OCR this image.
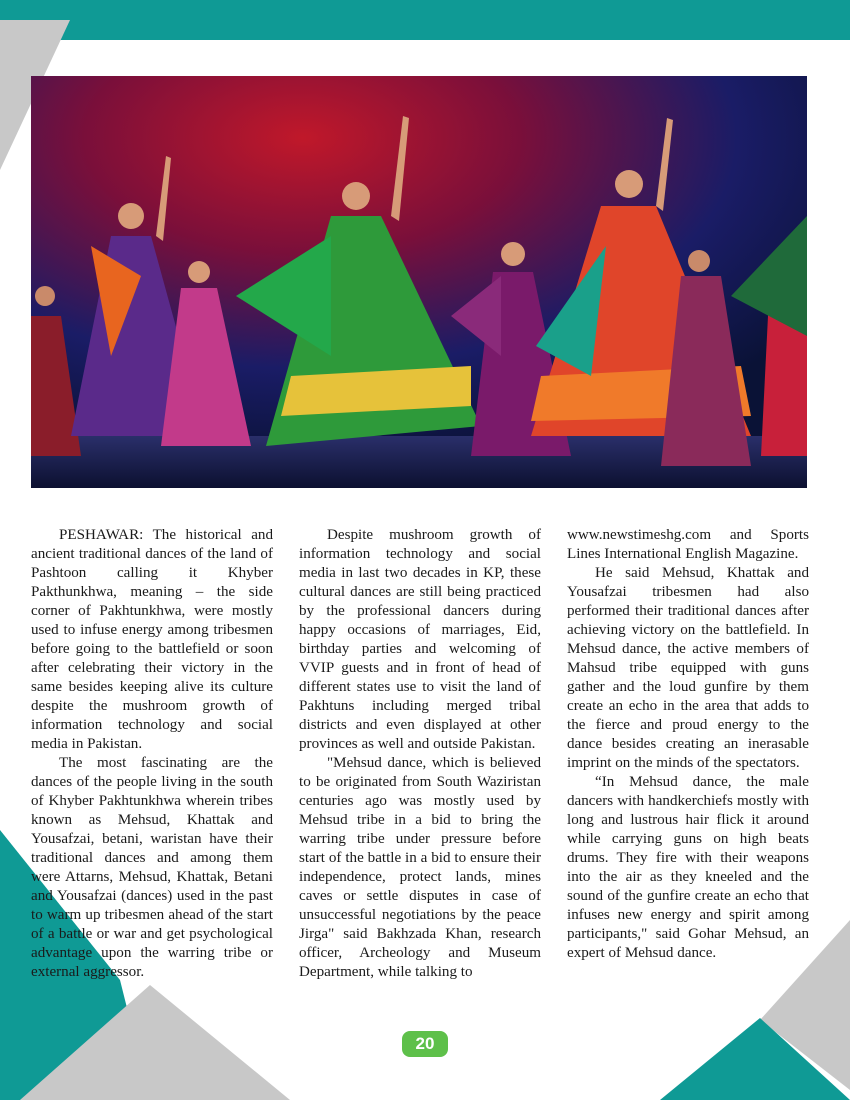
PESHAWAR: The historical and ancient traditional dances of the land of Pashtoon calling it Khyber Pakthunkhwa, meaning – the side corner of Pakhtunkhwa, were mostly used to infuse energy among tribesmen before going to the battlefield or soon after celebrating their victory in the same besides keeping alive its culture despite the mushroom growth of information technology and social media in Pakistan.

The most fascinating are the dances of the people living in the south of Khyber Pakhtunkhwa wherein tribes known as Mehsud, Khattak and Yousafzai, betani, waristan have their traditional dances and among them were Attarns, Mehsud, Khattak, Betani and Yousafzai (dances) used in the past to warm up tribesmen ahead of the start of a battle or war and get psychological advantage upon the warring tribe or external aggressor.

Despite mushroom growth of information technology and social media in last two decades in KP, these cultural dances are still being practiced by the professional dancers during happy occasions of marriages, Eid, birthday parties and welcoming of VVIP guests and in front of head of different states use to visit the land of Pakhtuns including merged tribal districts and even displayed at other provinces as well and outside Pakistan.

"Mehsud dance, which is believed to be originated from South Waziristan centuries ago was mostly used by Mehsud tribe in a bid to bring the warring tribe under pressure before start of the battle in a bid to ensure their independence, protect lands, mines caves or settle disputes in case of unsuccessful negotiations by the peace Jirga" said Bakhzada Khan, research officer, Archeology and Museum Department, while talking to

www.newstimeshg.com and Sports Lines International English Magazine.

He said Mehsud, Khattak and Yousafzai tribesmen had also performed their traditional dances after achieving victory on the battlefield. In Mehsud dance, the active members of Mahsud tribe equipped with guns gather and the loud gunfire by them create an echo in the area that adds to the fierce and proud energy to the dance besides creating an inerasable imprint on the minds of the spectators.

“In Mehsud dance, the male dancers with handkerchiefs mostly with long and lustrous hair flick it around while carrying guns on high beats drums. They fire with their weapons into the air as they kneeled and the sound of the gunfire create an echo that infuses new energy and spirit among participants," said Gohar Mehsud, an expert of Mehsud dance.

20
